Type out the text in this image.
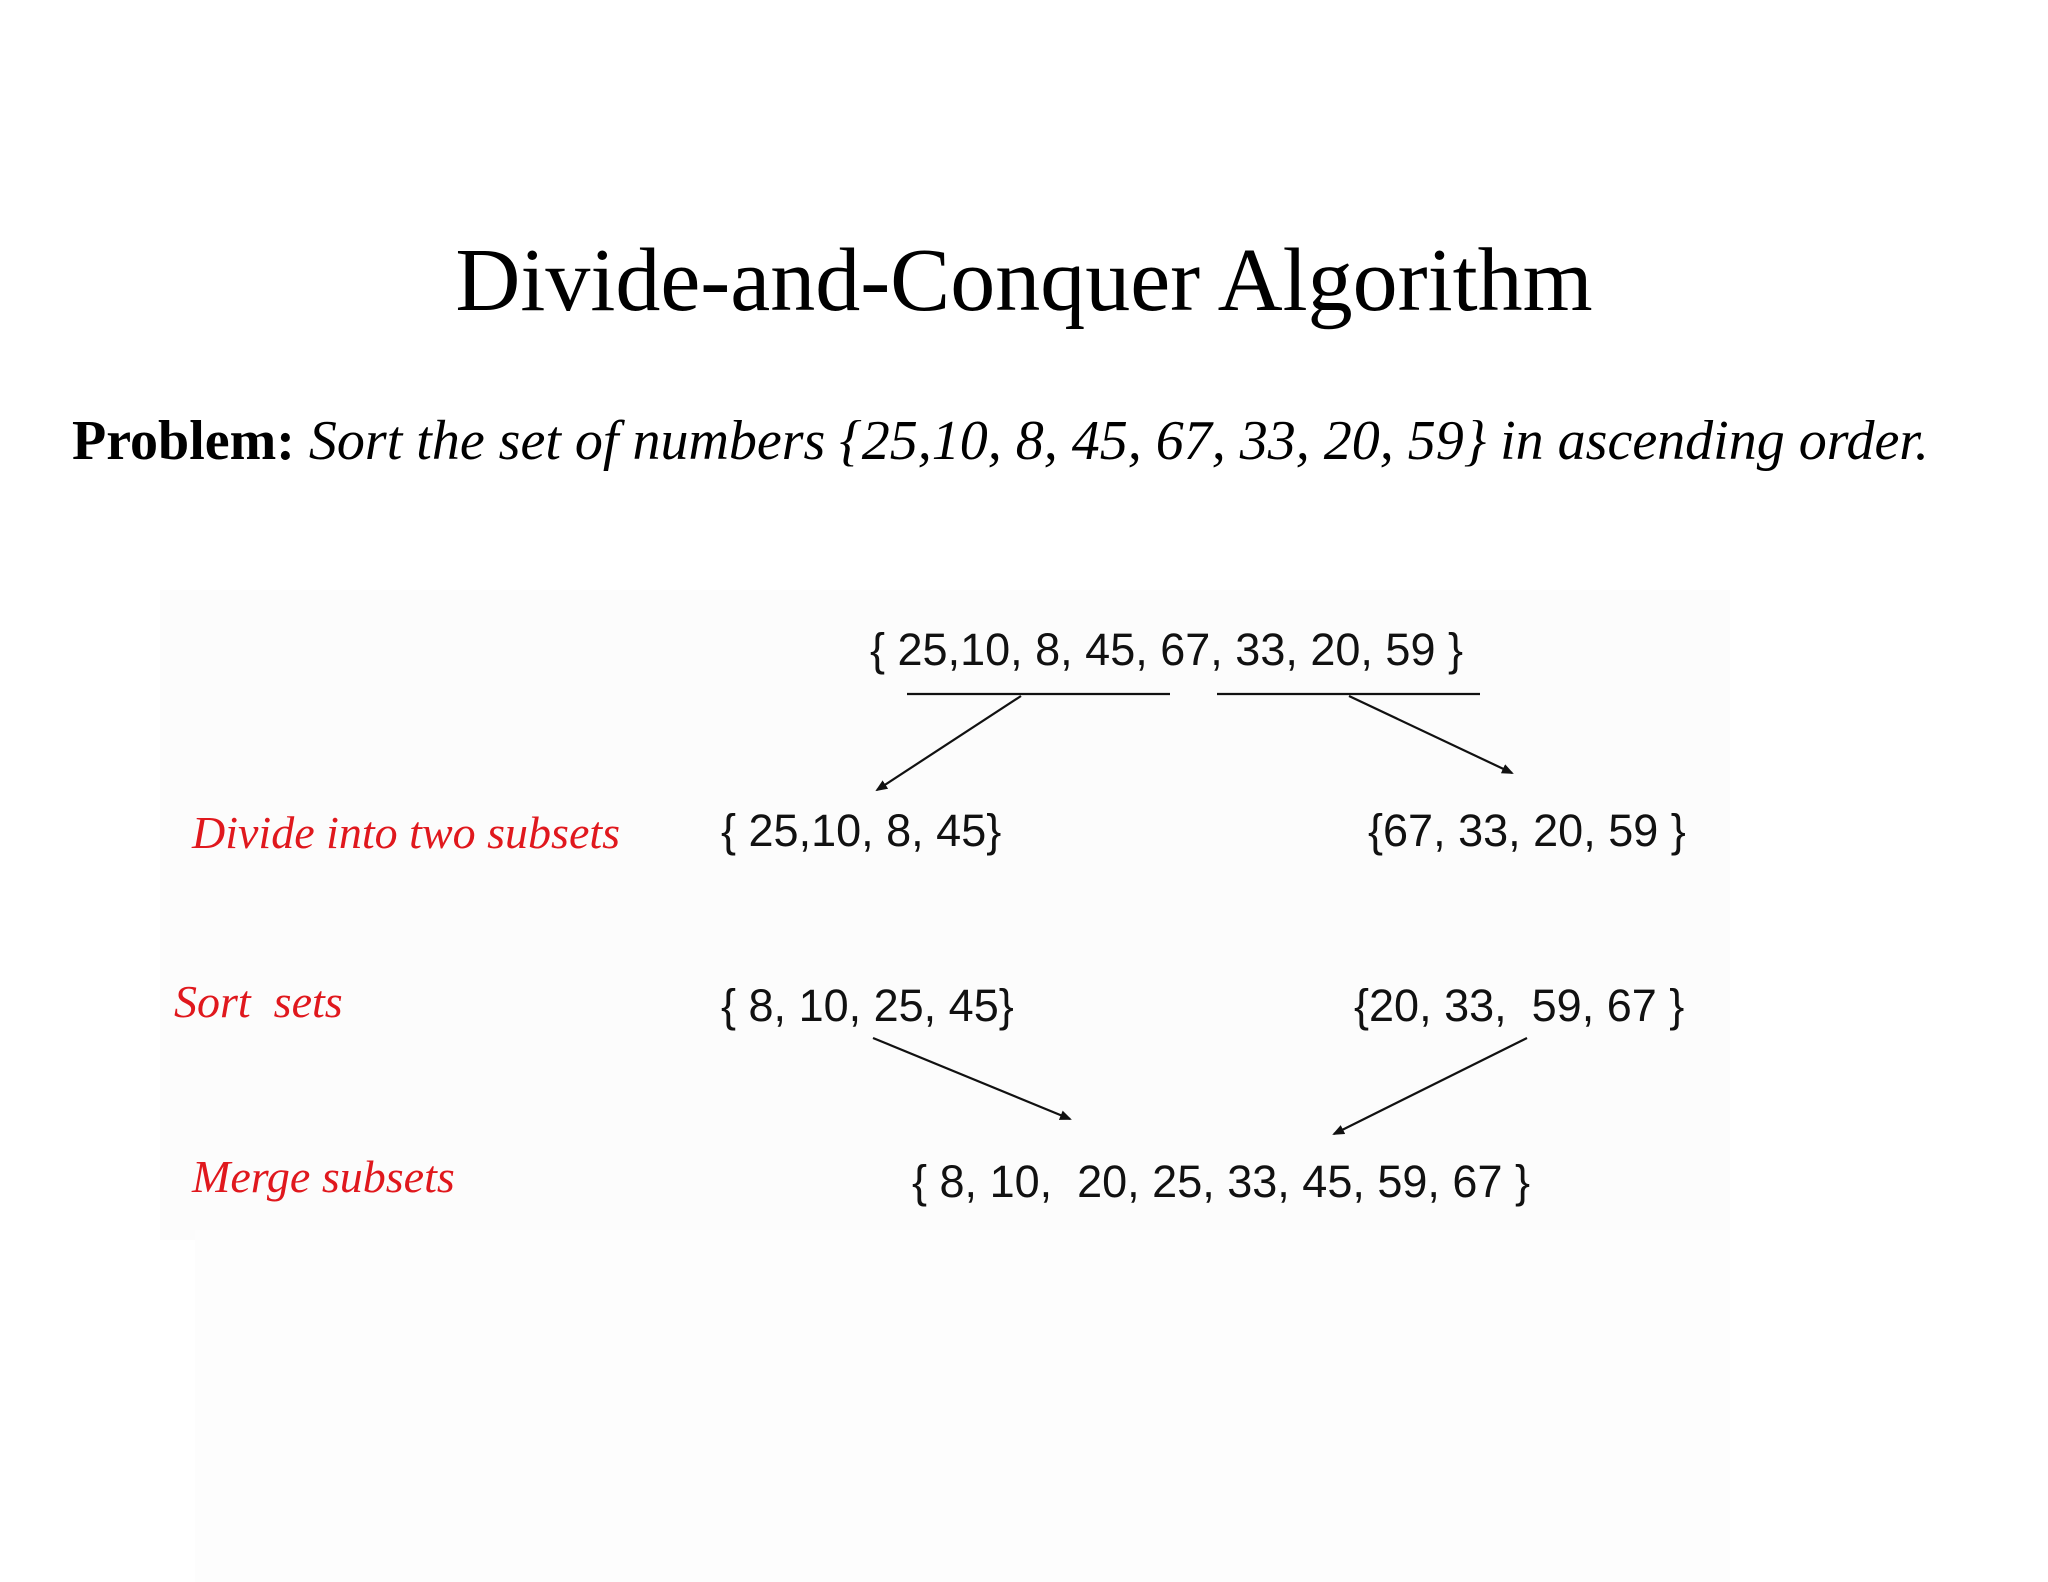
Divide-and-Conquer Algorithm
Problem: Sort the set of numbers {25,10, 8, 45, 67, 33, 20, 59} in ascending order.
Divide into two subsets
Sort  sets
Merge subsets
{ 25,10, 8, 45, 67, 33, 20, 59 }
{ 25,10, 8, 45}	{67, 33, 20, 59 }
{ 8, 10, 25, 45}	{20, 33,  59, 67 }
{ 8, 10,  20, 25, 33, 45, 59, 67 }
